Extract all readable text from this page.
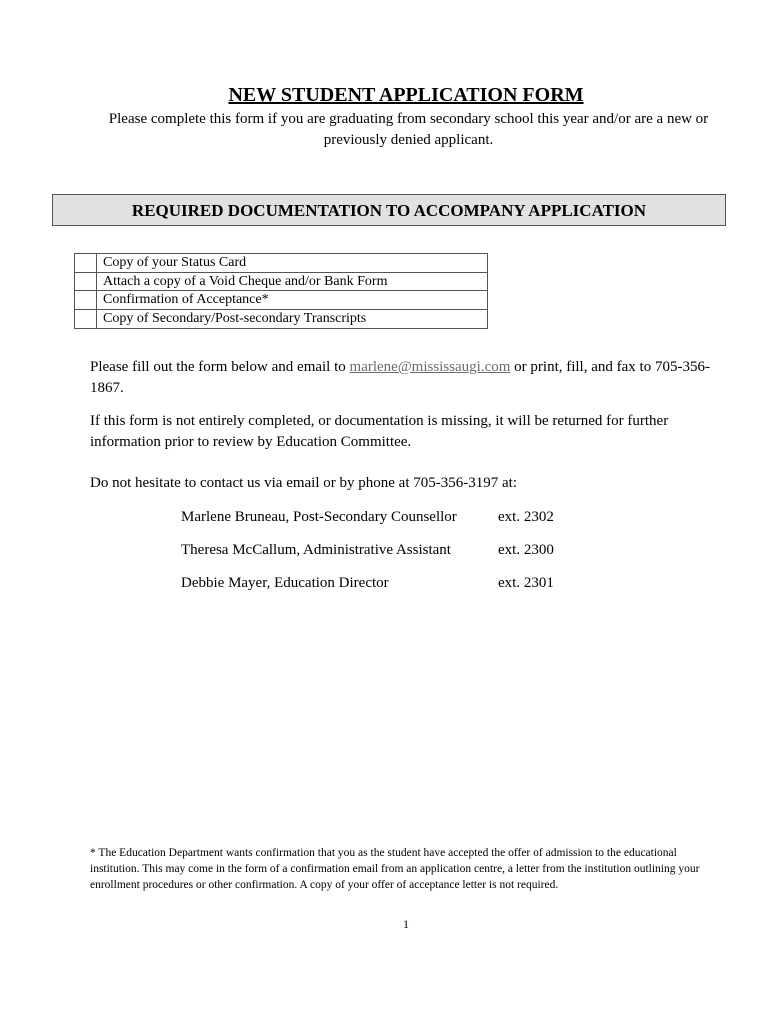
NEW STUDENT APPLICATION FORM
Please complete this form if you are graduating from secondary school this year and/or are a new or previously denied applicant.
REQUIRED DOCUMENTATION TO ACCOMPANY APPLICATION
Copy of your Status Card
Attach a copy of a Void Cheque and/or Bank Form
Confirmation of Acceptance*
Copy of Secondary/Post-secondary Transcripts
Please fill out the form below and email to marlene@mississaugi.com or print, fill, and fax to 705-356-1867.
If this form is not entirely completed, or documentation is missing, it will be returned for further information prior to review by Education Committee.
Do not hesitate to contact us via email or by phone at 705-356-3197 at:
Marlene Bruneau, Post-Secondary Counsellor	ext. 2302
Theresa McCallum, Administrative Assistant	ext. 2300
Debbie Mayer, Education Director	ext. 2301
* The Education Department wants confirmation that you as the student have accepted the offer of admission to the educational institution. This may come in the form of a confirmation email from an application centre, a letter from the institution outlining your enrollment procedures or other confirmation. A copy of your offer of acceptance letter is not required.
1
